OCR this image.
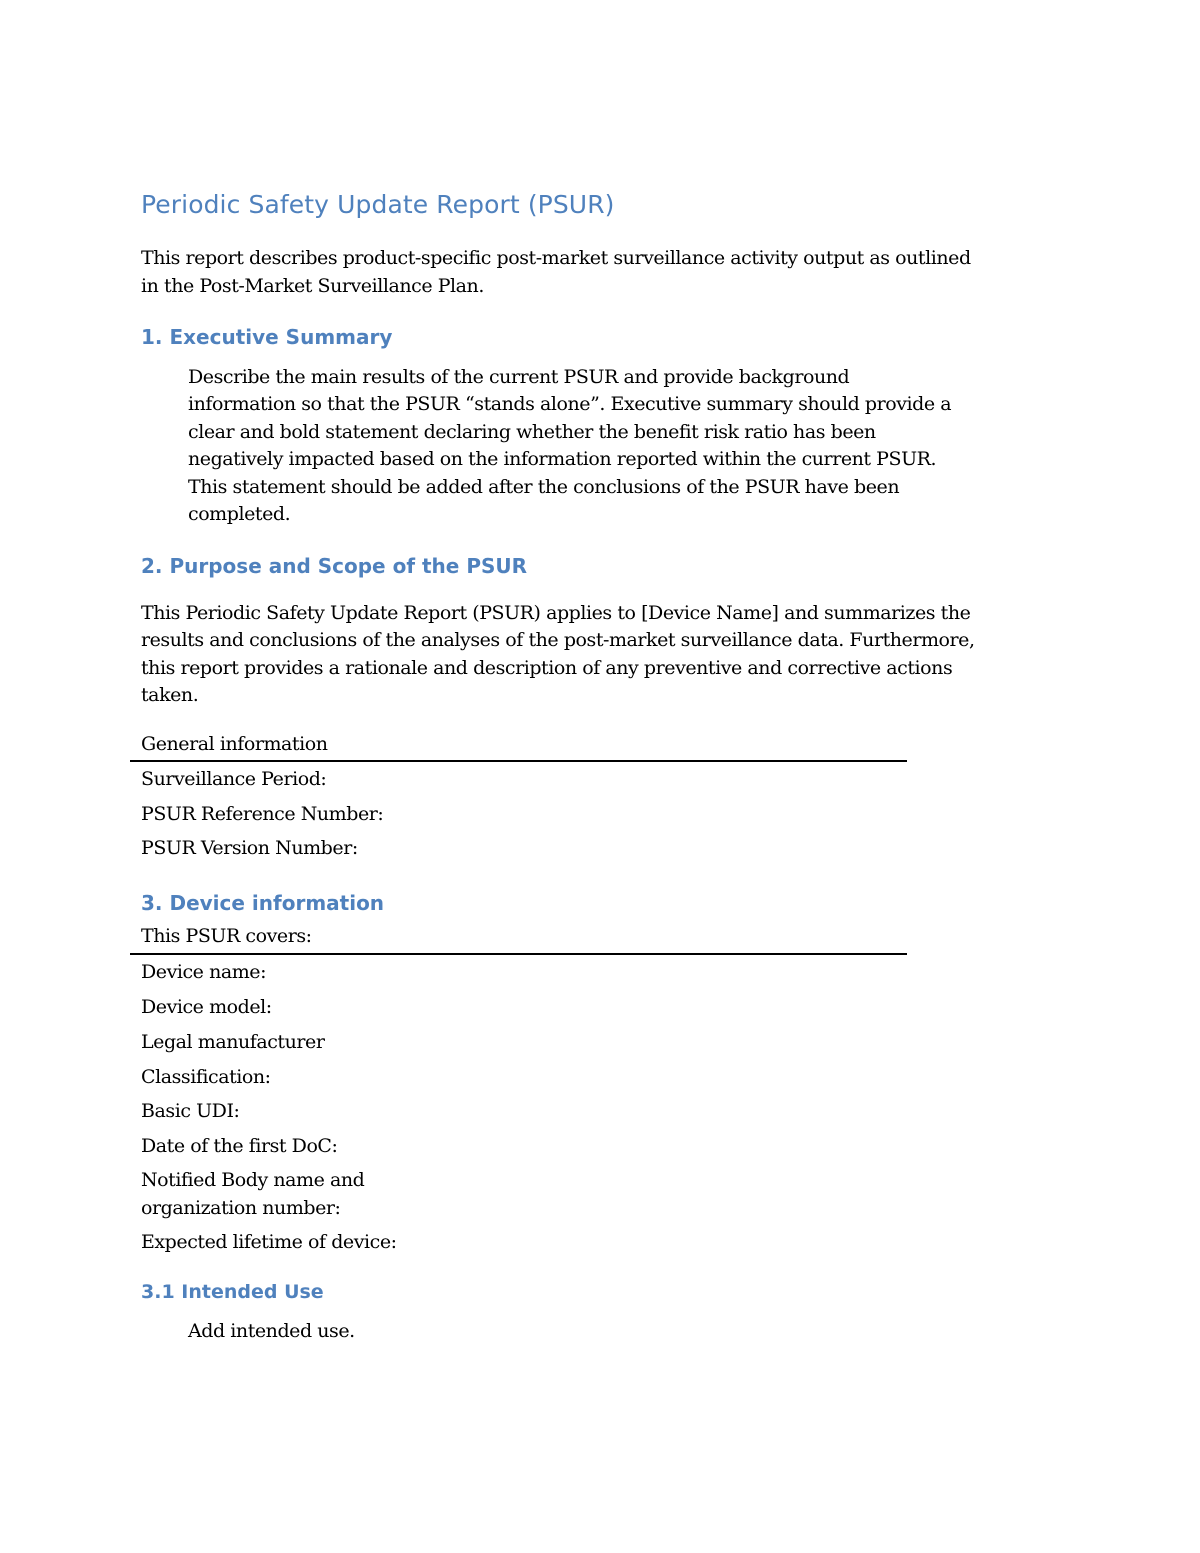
Periodic Safety Update Report (PSUR)
This report describes product-specific post-market surveillance activity output as outlined
in the Post-Market Surveillance Plan.
1. Executive Summary
Describe the main results of the current PSUR and provide background
information so that the PSUR “stands alone”. Executive summary should provide a
clear and bold statement declaring whether the benefit risk ratio has been
negatively impacted based on the information reported within the current PSUR.
This statement should be added after the conclusions of the PSUR have been
completed.
2. Purpose and Scope of the PSUR
This Periodic Safety Update Report (PSUR) applies to [Device Name] and summarizes the
results and conclusions of the analyses of the post-market surveillance data. Furthermore,
this report provides a rationale and description of any preventive and corrective actions
taken.
General information
Surveillance Period:
PSUR Reference Number:
PSUR Version Number:
3. Device information
This PSUR covers:
Device name:
Device model:
Legal manufacturer
Classification:
Basic UDI:
Date of the first DoC:
Notified Body name and
organization number:
Expected lifetime of device:
3.1 Intended Use
Add intended use.
